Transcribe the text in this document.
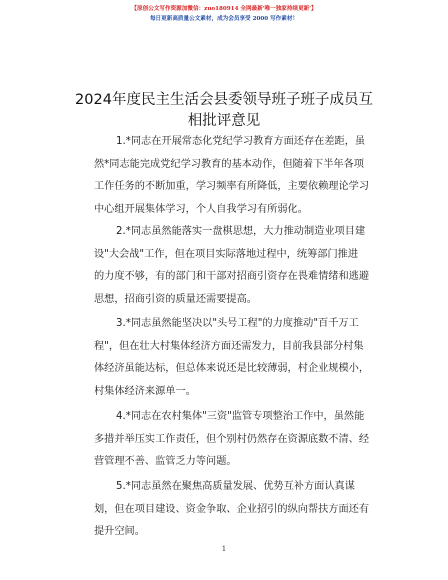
【原创公文写作资源加微信：zuo180914 全网最新'唯一独家持续更新'】
每日更新高质量公文素材，成为会员享受 2000 写作素材！
2024年度民主生活会县委领导班子班子成员互
相批评意见
1.*同志在开展常态化党纪学习教育方面还存在差距，虽
然*同志能完成党纪学习教育的基本动作，但随着下半年各项
工作任务的不断加重，学习频率有所降低，主要依赖理论学习
中心组开展集体学习，个人自我学习有所弱化。
2.*同志虽然能落实一盘棋思想，大力推动制造业项目建
设"大会战"工作，但在项目实际落地过程中，统筹部门推进
的力度不够，有的部门和干部对招商引资存在畏难情绪和逃避
思想，招商引资的质量还需要提高。
3.*同志虽然能坚决以"头号工程"的力度推动"百千万工
程"，但在壮大村集体经济方面还需发力，目前我县部分村集
体经济虽能达标，但总体来说还是比较薄弱，村企业规模小，
村集体经济来源单一。
4.*同志在农村集体"三资"监管专项整治工作中，虽然能
多措并举压实工作责任，但个别村仍然存在资源底数不清、经
营管理不善、监管乏力等问题。
5.*同志虽然在聚焦高质量发展、优势互补方面认真谋
划，但在项目建设、资金争取、企业招引的纵向帮扶方面还有
提升空间。
1
